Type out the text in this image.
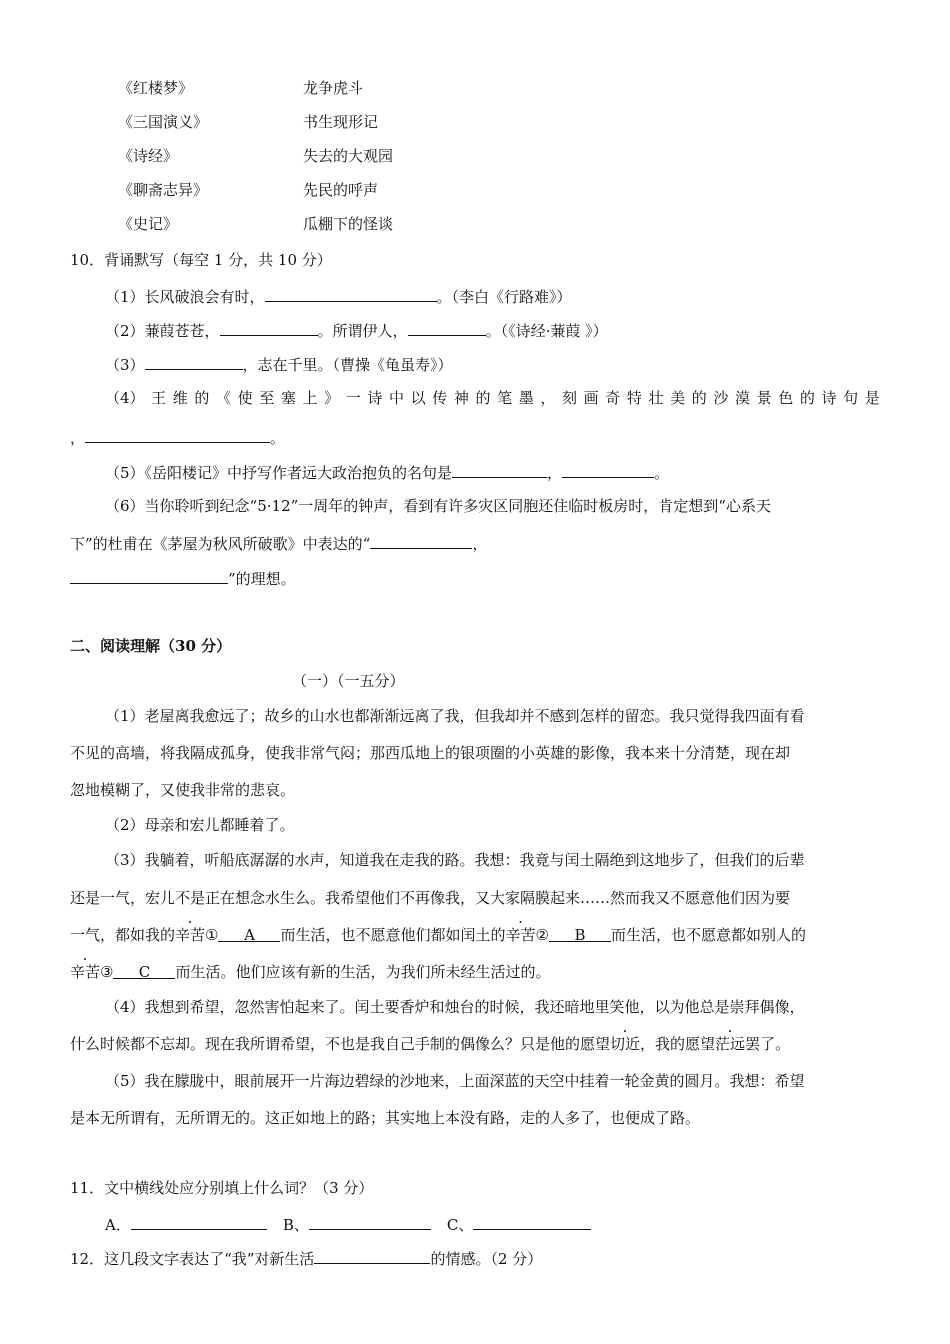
《红楼梦》	龙争虎斗
《三国演义》	书生现形记
《诗经》	失去的大观园
《聊斋志异》	先民的呼声
《史记》	瓜棚下的怪谈
10．背诵默写（每空 1 分，共 10 分）
（1）长风破浪会有时，	。（李白《行路难》）
（2）蒹葭苍苍，	。所谓伊人，	。（《诗经·蒹葭 》）
（3）	，志在千里。（曹操《龟虽寿》）
（4） 王 维 的 《 使 至 塞 上 》 一 诗 中 以 传 神 的 笔 墨 ， 刻 画 奇 特 壮 美 的 沙 漠 景 色 的 诗 句 是
，	。
（5）《岳阳楼记》中抒写作者远大政治抱负的名句是	，	。
（6）当你聆听到纪念“5·12”一周年的钟声，看到有许多灾区同胞还住临时板房时，肯定想到“心系天
下”的杜甫在《茅屋为秋风所破歌》中表达的“	，
”的理想。
二、阅读理解（30 分）
（一）（一五分）
（1）老屋离我愈远了；故乡的山水也都渐渐远离了我，但我却并不感到怎样的留恋。我只觉得我四面有看
不见的高墙，将我隔成孤身，使我非常气闷；那西瓜地上的银项圈的小英雄的影像，我本来十分清楚，现在却
忽地模糊了，又使我非常的悲哀。
（2）母亲和宏儿都睡着了。
（3）我躺着，听船底潺潺的水声，知道我在走我的路。我想：我竟与闰土隔绝到这地步了，但我们的后辈
还是一气，宏儿不是正在想念水生么。我希望他们不再像我，又大家隔膜起来……然而我又不愿意他们因为要
一气，都如我的辛苦① A 而生活，也不愿意他们都如闰土的辛苦② B 而生活，也不愿意都如别人的
辛苦③ C 而生活。他们应该有新的生活，为我们所未经生活过的。
（4）我想到希望，忽然害怕起来了。闰土要香炉和烛台的时候，我还暗地里笑他，以为他总是崇拜偶像，
什么时候都不忘却。现在我所谓希望，不也是我自己手制的偶像么？只是他的愿望切近，我的愿望茫远罢了。
（5）我在朦胧中，眼前展开一片海边碧绿的沙地来，上面深蓝的天空中挂着一轮金黄的圆月。我想：希望
是本无所谓有，无所谓无的。这正如地上的路；其实地上本没有路，走的人多了，也便成了路。
11．文中横线处应分别填上什么词？（3 分）
A．	B、	C、
12．这几段文字表达了“我”对新生活	的情感。（2 分）
